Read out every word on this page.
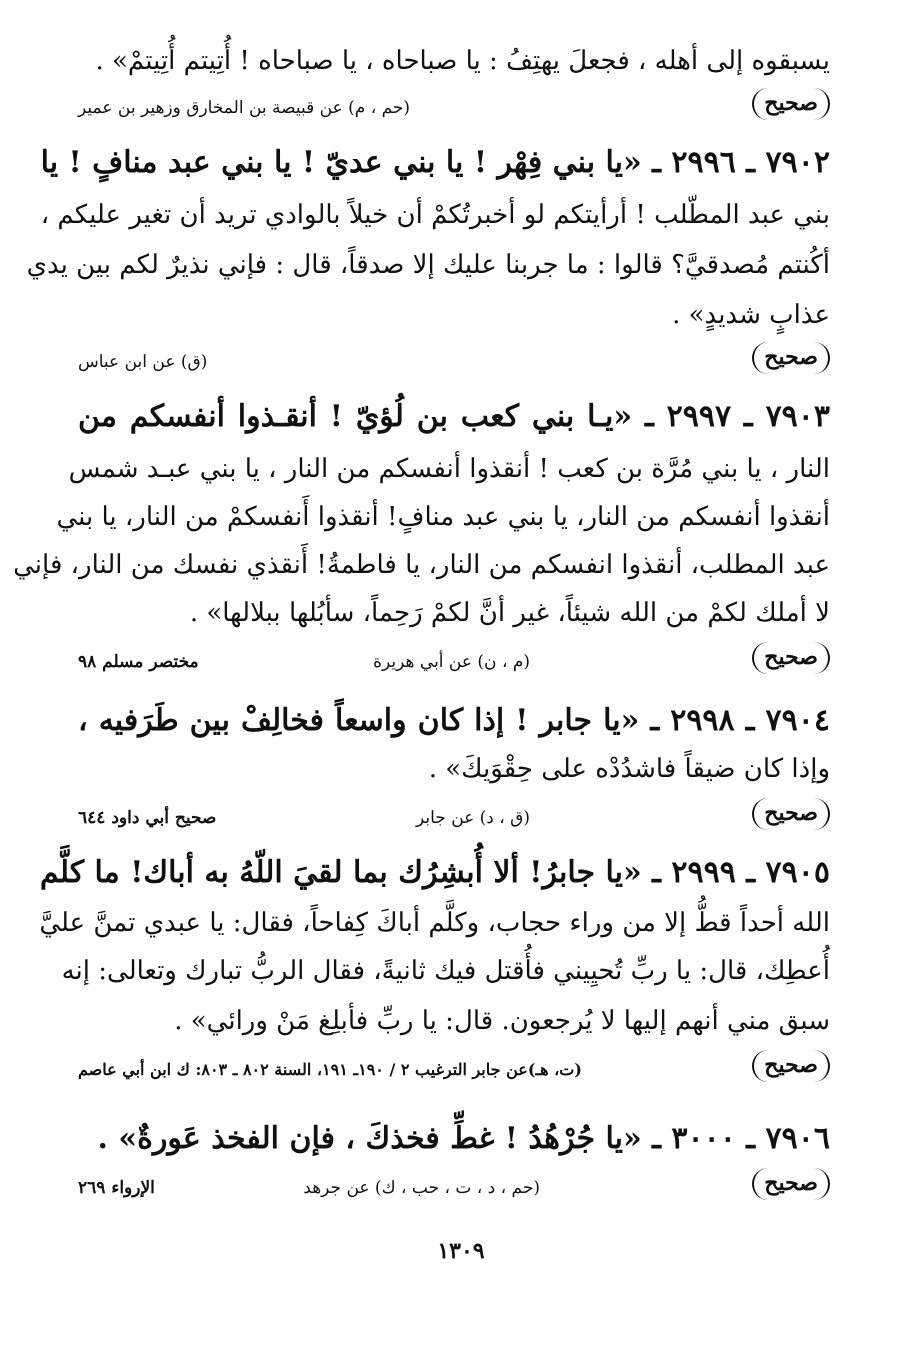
يسبقوه إلى أهله ، فجعلَ يهتِفُ : يا صباحاه ، يا صباحاه ! أُتِيتم أُتِيتمْ» .
صحيح
(حم ، م) عن قبيصة بن المخارق وزهير بن عمير
٧٩٠٢ ـ ٢٩٩٦ ـ «يا بني فِهْر ! يا بني عديّ ! يا بني عبد منافٍ ! يا
بني عبد المطّلب ! أرأيتكم لو أخبرتُكمْ أن خيلاً بالوادي تريد أن تغير عليكم ،
أكُنتم مُصدقيَّ؟ قالوا : ما جربنا عليك إلا صدقاً، قال : فإني نذيرٌ لكم بين يدي
عذابٍ شديدٍ» .
صحيح
(ق) عن ابن عباس
٧٩٠٣ ـ ٢٩٩٧ ـ «يـا بني كعب بن لُؤيّ ! أنقـذوا أنفسكم من
النار ، يا بني مُرَّة بن كعب ! أنقذوا أنفسكم من النار ، يا بني عبـد شمس
أنقذوا أنفسكم من النار، يا بني عبد منافٍ! أنقذوا أَنفسكمْ من النار، يا بني
عبد المطلب، أنقذوا انفسكم من النار، يا فاطمةُ! أَنقذي نفسك من النار، فإني
لا أملك لكمْ من الله شيئاً، غير أنَّ لكمْ رَحِماً، سأبُلها ببلالها» .
صحيح
(م ، ن) عن أبي هريرة
مختصر مسلم ٩٨
٧٩٠٤ ـ ٢٩٩٨ ـ «يا جابر ! إذا كان واسعاً فخالِفْ بين طَرَفيه ،
وإذا كان ضيقاً فاشدُدْه على حِقْوَيكَ» .
صحيح
(ق ، د) عن جابر
صحيح أبي داود ٦٤٤
٧٩٠٥ ـ ٢٩٩٩ ـ «يا جابرُ! ألا أُبشِرُك بما لقيَ اللّهُ به أباك! ما كلَّم
الله أحداً قطُّ إلا من وراء حجاب، وكلَّم أباكَ كِفاحاً، فقال: يا عبدي تمنَّ عليَّ
أُعطِك، قال: يا ربِّ تُحيِيني فأُقتل فيك ثانيةً، فقال الربُّ تبارك وتعالى: إنه
سبق مني أنهم إليها لا يُرجعون. قال: يا ربِّ فأبلِغ مَنْ ورائي» .
صحيح
(ت، هـ)عن جابر الترغيب ٢ / ١٩٠ـ ١٩١، السنة ٨٠٢ ـ ٨٠٣: ك ابن أبي عاصم
٧٩٠٦ ـ ٣٠٠٠ ـ «يا جُرْهُدُ ! غطِّ فخذكَ ، فإن الفخذ عَورةٌ» .
صحيح
(حم ، د ، ت ، حب ، ك) عن جرهد
الإرواء ٢٦٩
١٣٠٩
